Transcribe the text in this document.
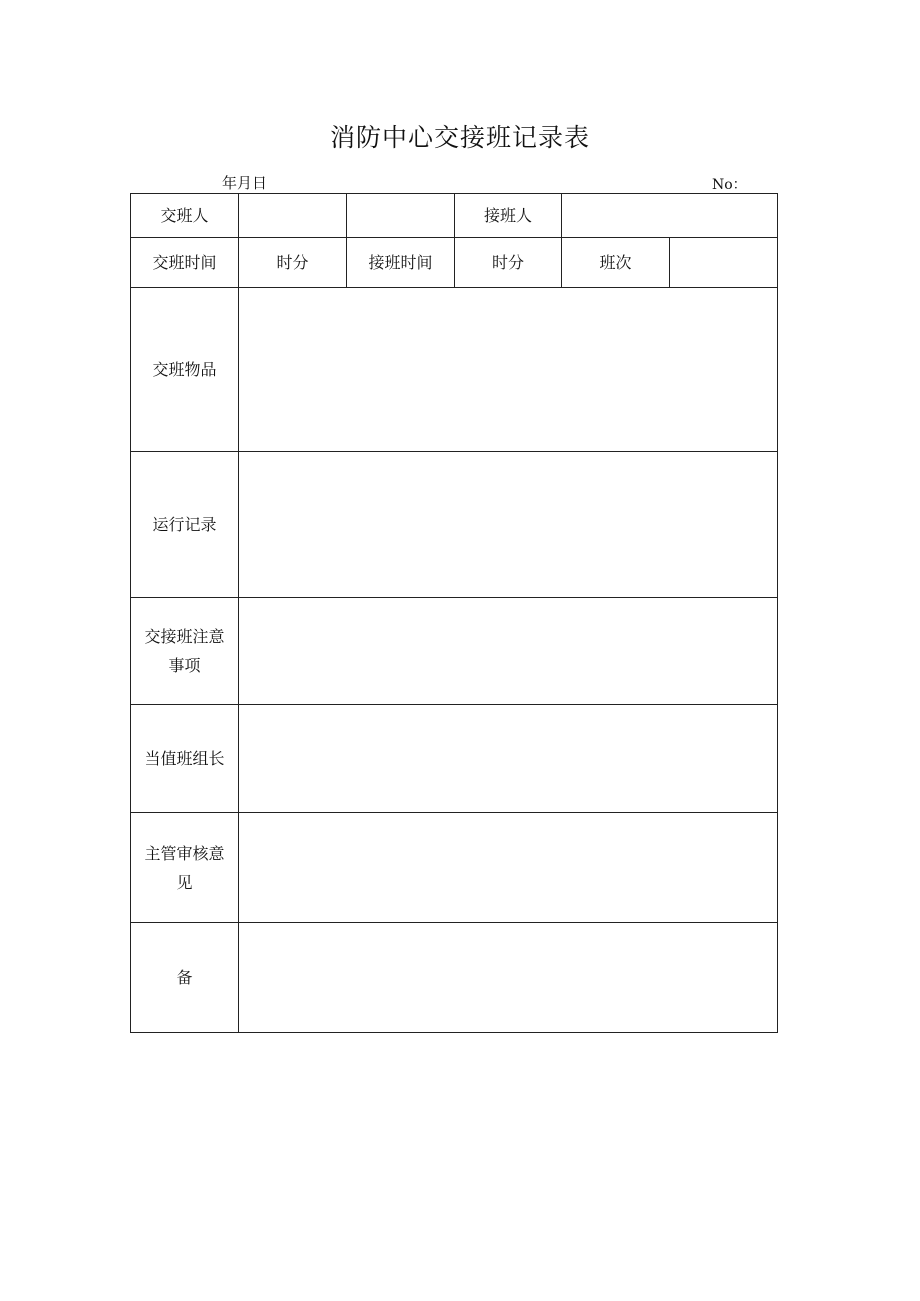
消防中心交接班记录表
年月日	No：
交班人			接班人		
交班时间	时分	接班时间	时分	班次	
交班物品					
运行记录					
交接班注意事项					
当值班组长					
主管审核意见					
备					
